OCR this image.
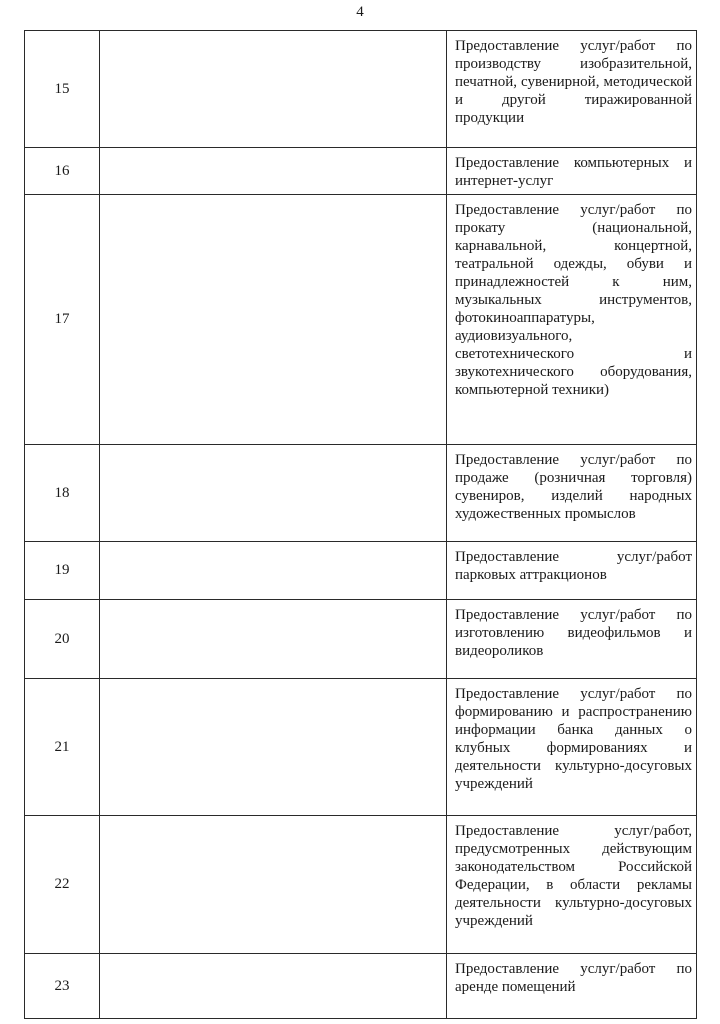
4
15		Предоставление услуг/работ по производству изобразительной, печатной, сувенирной, методической и другой тиражированной продукции
16		Предоставление компьютерных и интернет-услуг
17		Предоставление услуг/работ по прокату (национальной, карнавальной, концертной, театральной одежды, обуви и принадлежностей к ним, музыкальных инструментов, фотокиноаппаратуры, аудиовизуального, светотехнического и звукотехнического оборудования, компьютерной техники)
18		Предоставление услуг/работ по продаже (розничная торговля) сувениров, изделий народных художественных промыслов
19		Предоставление услуг/работ парковых аттракционов
20		Предоставление услуг/работ по изготовлению видеофильмов и видеороликов
21		Предоставление услуг/работ по формированию и распространению информации банка данных о клубных формированиях и деятельности культурно-досуговых учреждений
22		Предоставление услуг/работ, предусмотренных действующим законодательством Российской Федерации, в области рекламы деятельности культурно-досуговых учреждений
23		Предоставление услуг/работ по аренде помещений
